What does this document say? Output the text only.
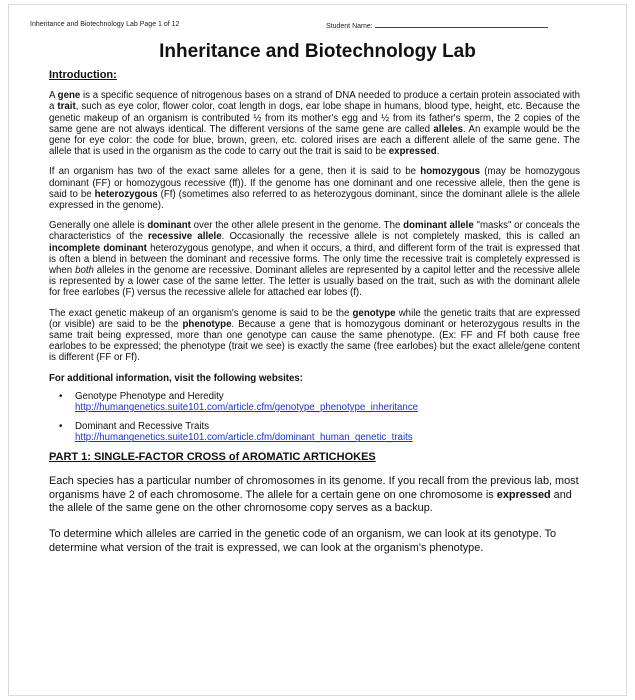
Inheritance and Biotechnology Lab Page 1 of 12	Student Name:
Inheritance and Biotechnology Lab
Introduction:

A gene is a specific sequence of nitrogenous bases on a strand of DNA needed to produce a certain protein associated with a trait, such as eye color, flower color, coat length in dogs, ear lobe shape in humans, blood type, height, etc. Because the genetic makeup of an organism is contributed ½ from its mother's egg and ½ from its father's sperm, the 2 copies of the same gene are not always identical. The different versions of the same gene are called alleles. An example would be the gene for eye color: the code for blue, brown, green, etc. colored irises are each a different allele of the same gene. The allele that is used in the organism as the code to carry out the trait is said to be expressed.

If an organism has two of the exact same alleles for a gene, then it is said to be homozygous (may be homozygous dominant (FF) or homozygous recessive (ff)). If the genome has one dominant and one recessive allele, then the gene is said to be heterozygous (Ff) (sometimes also referred to as heterozygous dominant, since the dominant allele is the allele expressed in the genome).

Generally one allele is dominant over the other allele present in the genome. The dominant allele "masks" or conceals the characteristics of the recessive allele. Occasionally the recessive allele is not completely masked, this is called an incomplete dominant heterozygous genotype, and when it occurs, a third, and different form of the trait is expressed that is often a blend in between the dominant and recessive forms. The only time the recessive trait is completely expressed is when both alleles in the genome are recessive. Dominant alleles are represented by a capitol letter and the recessive allele is represented by a lower case of the same letter. The letter is usually based on the trait, such as with the dominant allele for free earlobes (F) versus the recessive allele for attached ear lobes (f).

The exact genetic makeup of an organism's genome is said to be the genotype while the genetic traits that are expressed (or visible) are said to be the phenotype. Because a gene that is homozygous dominant or heterozygous results in the same trait being expressed, more than one genotype can cause the same phenotype. (Ex: FF and Ff both cause free earlobes to be expressed; the phenotype (trait we see) is exactly the same (free earlobes) but the exact allele/gene content is different (FF or Ff).

For additional information, visit the following websites:
• Genotype Phenotype and Heredity
http://humangenetics.suite101.com/article.cfm/genotype_phenotype_inheritance
• Dominant and Recessive Traits
http://humangenetics.suite101.com/article.cfm/dominant_human_genetic_traits
PART 1: SINGLE-FACTOR CROSS of AROMATIC ARTICHOKES

Each species has a particular number of chromosomes in its genome. If you recall from the previous lab, most organisms have 2 of each chromosome. The allele for a certain gene on one chromosome is expressed and the allele of the same gene on the other chromosome copy serves as a backup.

To determine which alleles are carried in the genetic code of an organism, we can look at its genotype. To determine what version of the trait is expressed, we can look at the organism's phenotype.
